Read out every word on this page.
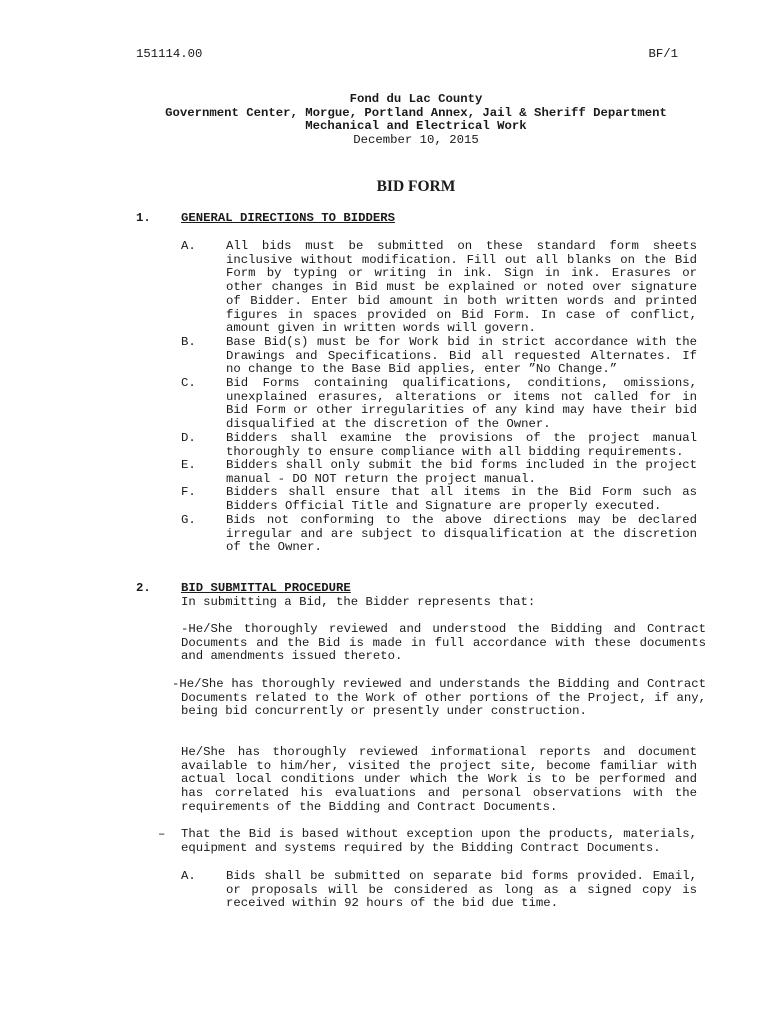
151114.00	BF/1
Fond du Lac County
Government Center, Morgue, Portland Annex, Jail & Sheriff Department
Mechanical and Electrical Work
December 10, 2015
BID FORM
1. GENERAL DIRECTIONS TO BIDDERS
A.	All bids must be submitted on these standard form sheets inclusive without modification. Fill out all blanks on the Bid Form by typing or writing in ink. Sign in ink. Erasures or other changes in Bid must be explained or noted over signature of Bidder. Enter bid amount in both written words and printed figures in spaces provided on Bid Form. In case of conflict, amount given in written words will govern.
B.	Base Bid(s) must be for Work bid in strict accordance with the Drawings and Specifications. Bid all requested Alternates. If no change to the Base Bid applies, enter ”No Change.”
C.	Bid Forms containing qualifications, conditions, omissions, unexplained erasures, alterations or items not called for in Bid Form or other irregularities of any kind may have their bid disqualified at the discretion of the Owner.
D.	Bidders shall examine the provisions of the project manual thoroughly to ensure compliance with all bidding requirements.
E.	Bidders shall only submit the bid forms included in the project manual - DO NOT return the project manual.
F.	Bidders shall ensure that all items in the Bid Form such as Bidders Official Title and Signature are properly executed.
G.	Bids not conforming to the above directions may be declared irregular and are subject to disqualification at the discretion of the Owner.
2. BID SUBMITTAL PROCEDURE
In submitting a Bid, the Bidder represents that:
-He/She thoroughly reviewed and understood the Bidding and Contract Documents and the Bid is made in full accordance with these documents and amendments issued thereto.
-He/She has thoroughly reviewed and understands the Bidding and Contract Documents related to the Work of other portions of the Project, if any, being bid concurrently or presently under construction.
He/She has thoroughly reviewed informational reports and document available to him/her, visited the project site, become familiar with actual local conditions under which the Work is to be performed and has correlated his evaluations and personal observations with the requirements of the Bidding and Contract Documents.
– That the Bid is based without exception upon the products, materials, equipment and systems required by the Bidding Contract Documents.
A.	Bids shall be submitted on separate bid forms provided. Email, or proposals will be considered as long as a signed copy is received within 92 hours of the bid due time.
